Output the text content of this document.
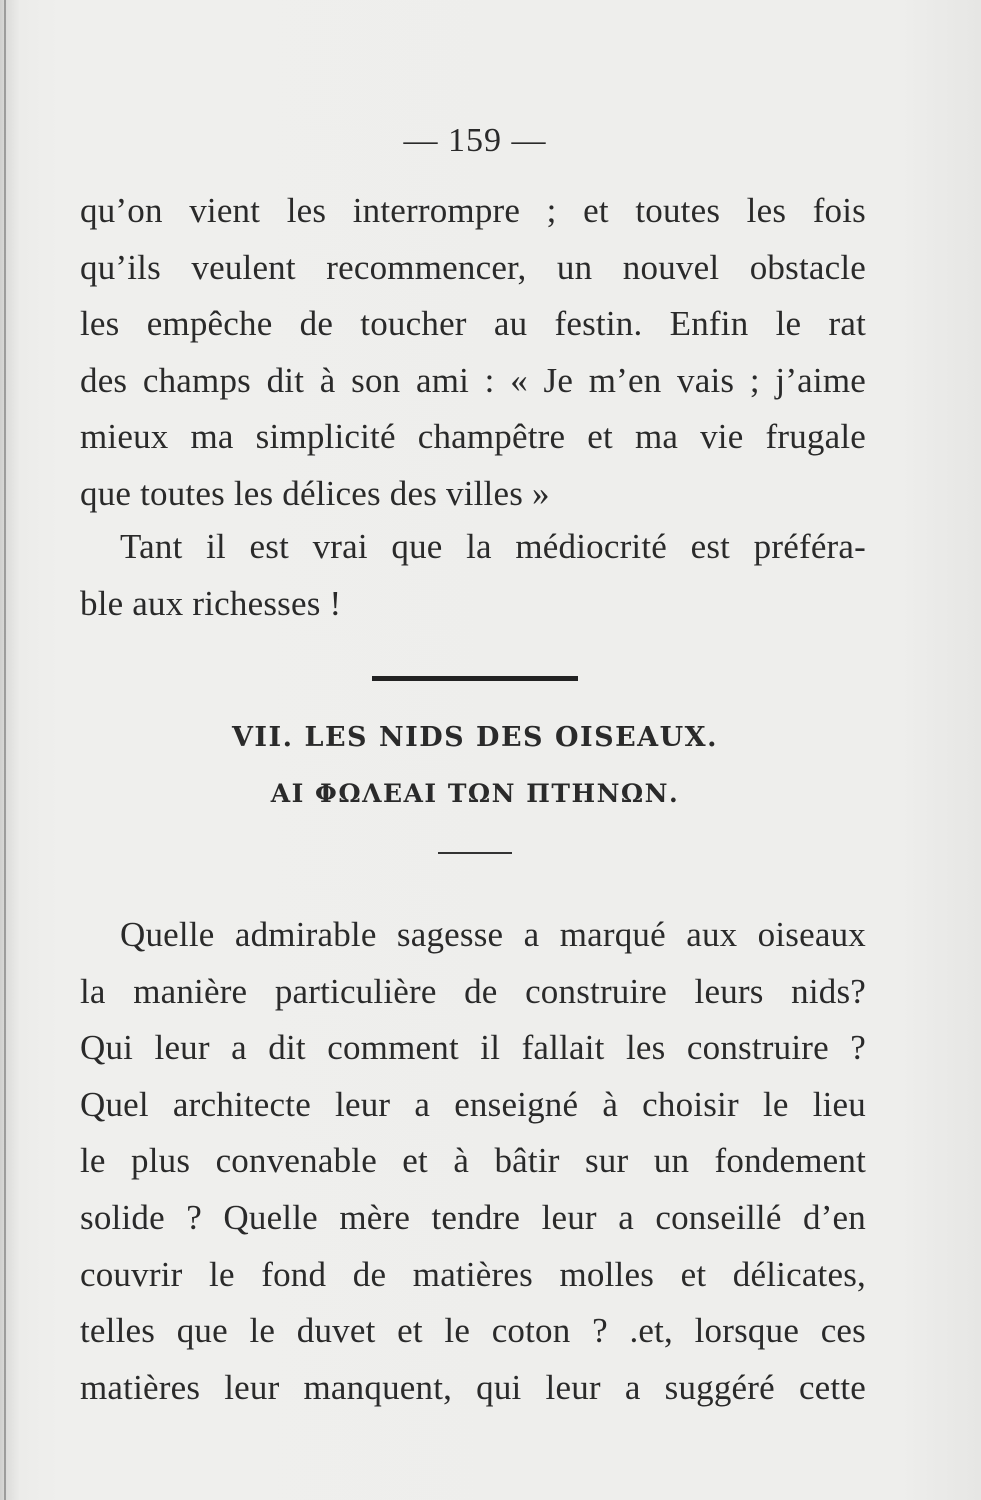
— 159 —
qu’on vient les interrompre ; et toutes les fois
qu’ils veulent recommencer, un nouvel obstacle
les empêche de toucher au festin. Enfin le rat
des champs dit à son ami : « Je m’en vais ; j’aime
mieux ma simplicité champêtre et ma vie frugale
que toutes les délices des villes »
Tant il est vrai que la médiocrité est préféra-
ble aux richesses !
VII. LES NIDS DES OISEAUX.
ΑΙ ΦΩΛΕΑΙ ΤΩΝ ΠΤΗΝΩΝ.
Quelle admirable sagesse a marqué aux oiseaux
la manière particulière de construire leurs nids?
Qui leur a dit comment il fallait les construire ?
Quel architecte leur a enseigné à choisir le lieu
le plus convenable et à bâtir sur un fondement
solide ? Quelle mère tendre leur a conseillé d’en
couvrir le fond de matières molles et délicates,
telles que le duvet et le coton ? .et, lorsque ces
matières leur manquent, qui leur a suggéré cette
